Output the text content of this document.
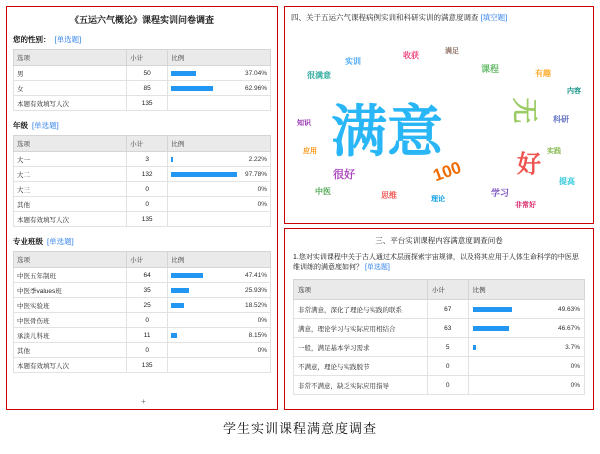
《五运六气概论》课程实训问卷调查
您的性别： [单选题]
选项	小计	比例
男	50	37.04%

女	85	62.96%

本题有效填写人次	135	
年级 [单选题]
选项	小计	比例
大一	3	2.22%

大二	132	97.78%

大三	0	0%

其他	0	0%

本题有效填写人次	135	
专业班级 [单选题]
选项	小计	比例
中医五年制班	64	47.41%

中医季values班	35	25.93%

中医实验班	25	18.52%

中医骨伤班	0	0%

承淡儿科班	11	8.15%

其他	0	0%

本题有效填写人次	135	
+
四、关于五运六气课程病例实训和科研实训的满意度调查 [填空题]
满意	无
好
100
很好
课程
实训
收获	满足
很满意	有趣
科研
提高
学习
思维
中医
理论
非常好
应用	实践
知识
内容
三、平台实训课程内容满意度调查问卷
1.您对实训课程中关于古人通过术层面探索宇宙规律，以及将其应用于人体生命科学的中医思维训练的满意度如何？ [单选题]
选项	小计	比例
非常满意，深化了理论与实践的联系	67	49.63%

满意，理论学习与实际应用相结合	63	46.67%

一般，满足基本学习需求	5	3.7%

不满意，理论与实践脱节	0	0%

非常不满意，缺乏实际应用指导	0	0%
学生实训课程满意度调查
